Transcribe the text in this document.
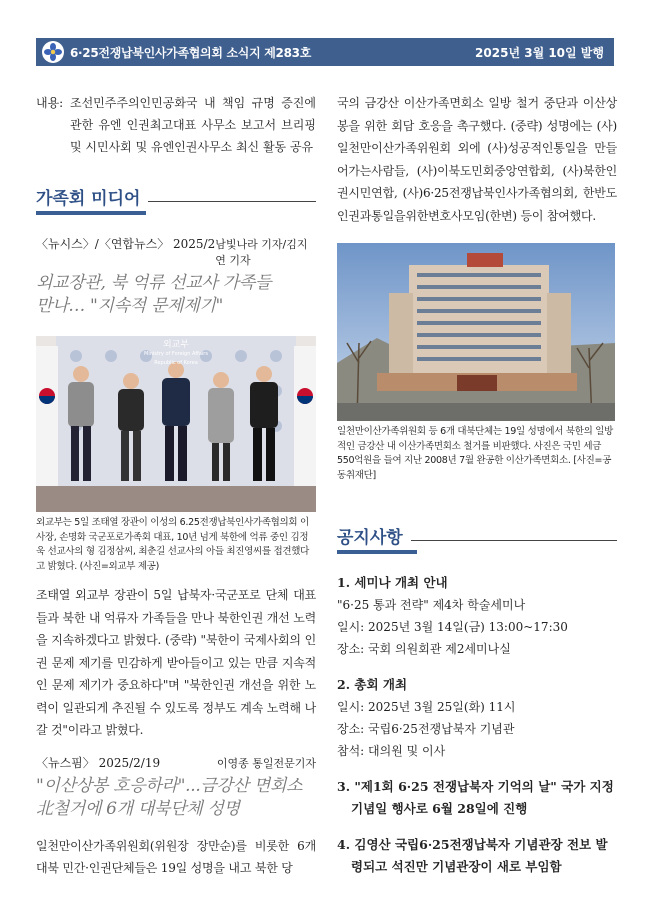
6·25전쟁납북인사가족협의회 소식지 제283호	2025년 3월 10일 발행
내용: 조선민주주의인민공화국 내 책임 규명 증진에 관한 유엔 인권최고대표 사무소 보고서 브리핑 및 시민사회 및 유엔인권사무소 최신 활동 공유
가족회 미디어
〈뉴시스〉/〈연합뉴스〉 2025/2 남빛나라 기자/김지연 기자
외교장관, 북 억류 선교사 가족들
만나… "지속적 문제제기"
외교부
Ministry of Foreign Affairs
Republic of Korea
외교부는 5일 조태열 장관이 이성의 6.25전쟁납북인사가족협의회 이사장, 손명화 국군포로가족회 대표, 10년 넘게 북한에 억류 중인 김정욱 선교사의 형 김정삼씨, 최춘길 선교사의 아들 최진영씨를 접견했다고 밝혔다. (사진=외교부 제공)

조태열 외교부 장관이 5일 납북자·국군포로 단체 대표들과 북한 내 억류자 가족들을 만나 북한인권 개선 노력을 지속하겠다고 밝혔다. (중략) "북한이 국제사회의 인권 문제 제기를 민감하게 받아들이고 있는 만큼 지속적인 문제 제기가 중요하다"며 "북한인권 개선을 위한 노력이 일관되게 추진될 수 있도록 정부도 계속 노력해 나갈 것"이라고 밝혔다.

〈뉴스핌〉 2025/2/19	이영종 통일전문기자
"이산상봉 호응하라"...금강산 면회소
北철거에 6개 대북단체 성명

일천만이산가족위원회(위원장 장만순)를 비롯한 6개 대북 민간·인권단체들은 19일 성명을 내고 북한 당

국의 금강산 이산가족면회소 일방 철거 중단과 이산상봉을 위한 회담 호응을 촉구했다. (중략) 성명에는 (사)일천만이산가족위원회 외에 (사)성공적인통일을 만들어가는사람들, (사)이북도민회중앙연합회, (사)북한인권시민연합, (사)6·25전쟁납북인사가족협의회, 한반도인권과통일을위한변호사모임(한변) 등이 참여했다.

일천만이산가족위원회 등 6개 대북단체는 19일 성명에서 북한의 일방적인 금강산 내 이산가족면회소 철거를 비판했다. 사진은 국민 세금 550억원을 들여 지난 2008년 7월 완공한 이산가족면회소. [사진=공동취재단]
공지사항
1. 세미나 개최 안내
"6·25 통과 전략" 제4차 학술세미나
일시: 2025년 3월 14일(금) 13:00~17:30
장소: 국회 의원회관 제2세미나실
2. 총회 개최
일시: 2025년 3월 25일(화) 11시
장소: 국립6·25전쟁납북자 기념관
참석: 대의원 및 이사
3. "제1회 6·25 전쟁납북자 기억의 날" 국가 지정 기념일 행사로 6월 28일에 진행
4. 김영산 국립6·25전쟁납북자 기념관장 전보 발령되고 석진만 기념관장이 새로 부임함
